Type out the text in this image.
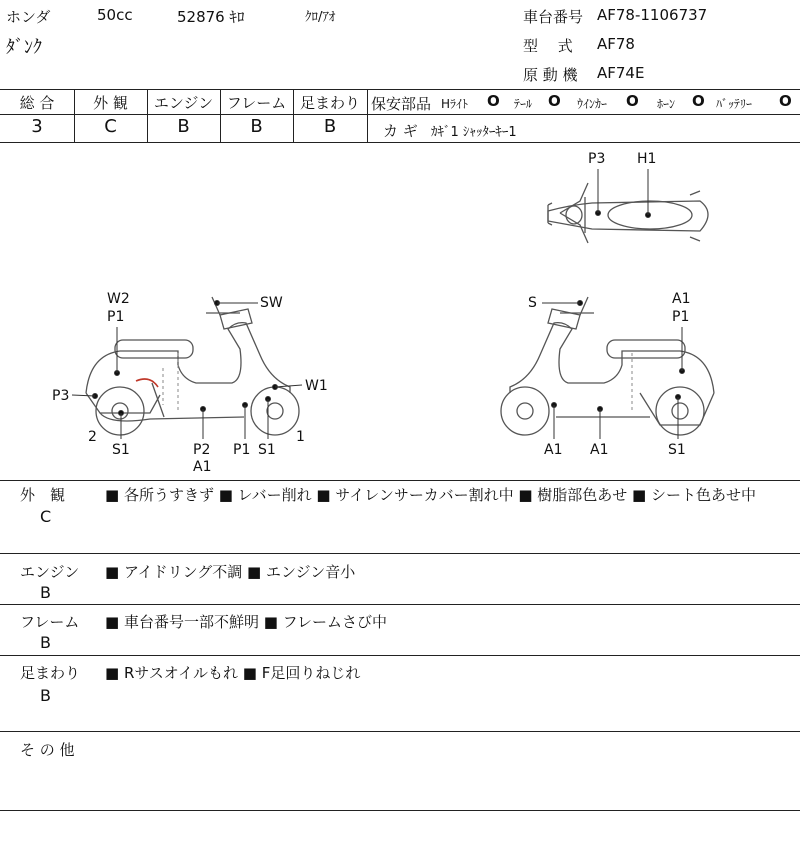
ホンダ	50cc	52876 ｷﾛ	ｸﾛ/ｱｵ
ﾀﾞﾝｸ
車台番号 AF78-1106737
型　 式 AF78
原 動 機 AF74E
総 合	外 観	エンジン フレーム 足まわり
3	C	B	B	B
保安部品 Hﾗｲﾄ O ﾃｰﾙ O ｳｲﾝｶｰ O ﾎｰﾝ O ﾊﾞｯﾃﾘｰ O
カ ギ ｶｷﾞ1 ｼｬｯﾀｰｷｰ1
P3 H1
W2
P1
SW
P3
W1
2
S1	P2
A1
P1 S1
1
S	A1
P1
A1 A1	S1
外　観
C
■ 各所うすきず ■ レバー削れ ■ サイレンサーカバー割れ中 ■ 樹脂部色あせ ■ シート色あせ中
エンジン
B
■ アイドリング不調 ■ エンジン音小
フレーム
B
■ 車台番号一部不鮮明 ■ フレームさび中
足まわり
B
■ Rサスオイルもれ ■ F足回りねじれ
そ の 他
